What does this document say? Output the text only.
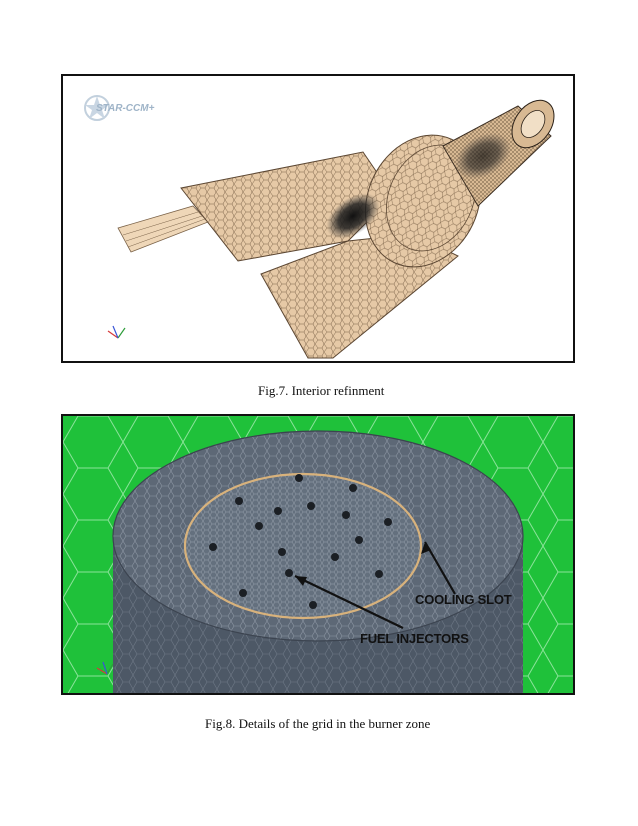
STAR-CCM+
Fig.7. Interior refinment
COOLING SLOT
FUEL INJECTORS
Fig.8. Details of the grid in the burner zone
